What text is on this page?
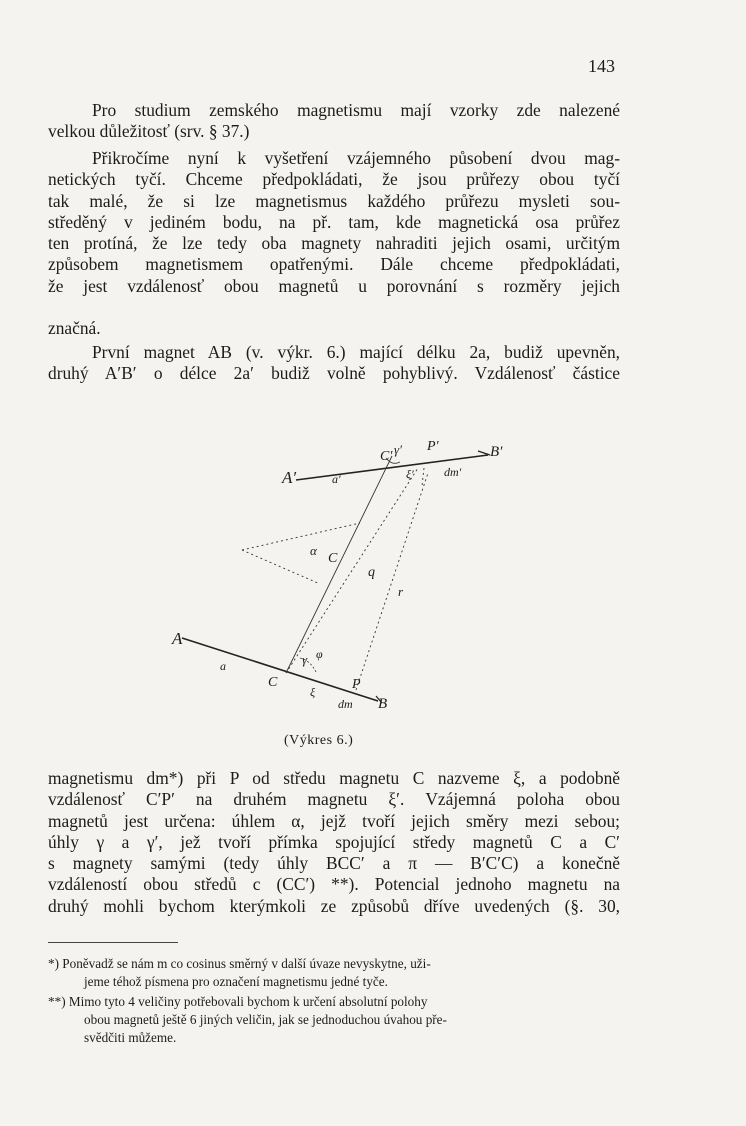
143
Pro studium zemského magnetismu mají vzorky zde nalezené
velkou důležitosť (srv. § 37.)
Přikročíme nyní k vyšetření vzájemného působení dvou mag-
netických tyčí. Chceme předpokládati, že jsou průřezy obou tyčí
tak malé, že si lze magnetismus každého průřezu mysleti sou-
středěný v jediném bodu, na př. tam, kde magnetická osa průřez
ten protíná, že lze tedy oba magnety nahraditi jejich osami, určitým
způsobem magnetismem opatřenými. Dále chceme předpokládati,
že jest vzdálenosť obou magnetů u porovnání s rozměry jejich
značná.
První magnet AB (v. výkr. 6.) mající délku 2a, budiž upevněn,
druhý A′B′ o délce 2a′ budiž volně pohyblivý. Vzdálenosť částice
A′	a′
C′ γ′ P′	B′
ξ′	dm′
α
C
q
r
A
a	γ φ
C
ξ	P
dm B
(Výkres 6.)
magnetismu dm*) při P od středu magnetu C nazveme ξ, a podobně
vzdálenosť C′P′ na druhém magnetu ξ′. Vzájemná poloha obou
magnetů jest určena: úhlem α, jejž tvoří jejich směry mezi sebou;
úhly γ a γ′, jež tvoří přímka spojující středy magnetů C a C′
s magnety samými (tedy úhly BCC′ a π — B′C′C) a konečně
vzdáleností obou středů c (CC′) **). Potencial jednoho magnetu na
druhý mohli bychom kterýmkoli ze způsobů dříve uvedených (§. 30,
*) Poněvadž se nám m co cosinus směrný v další úvaze nevyskytne, uži-
jeme téhož písmena pro označení magnetismu jedné tyče.
**) Mimo tyto 4 veličiny potřebovali bychom k určení absolutní polohy
obou magnetů ještě 6 jiných veličin, jak se jednoduchou úvahou pře-
svědčiti můžeme.
